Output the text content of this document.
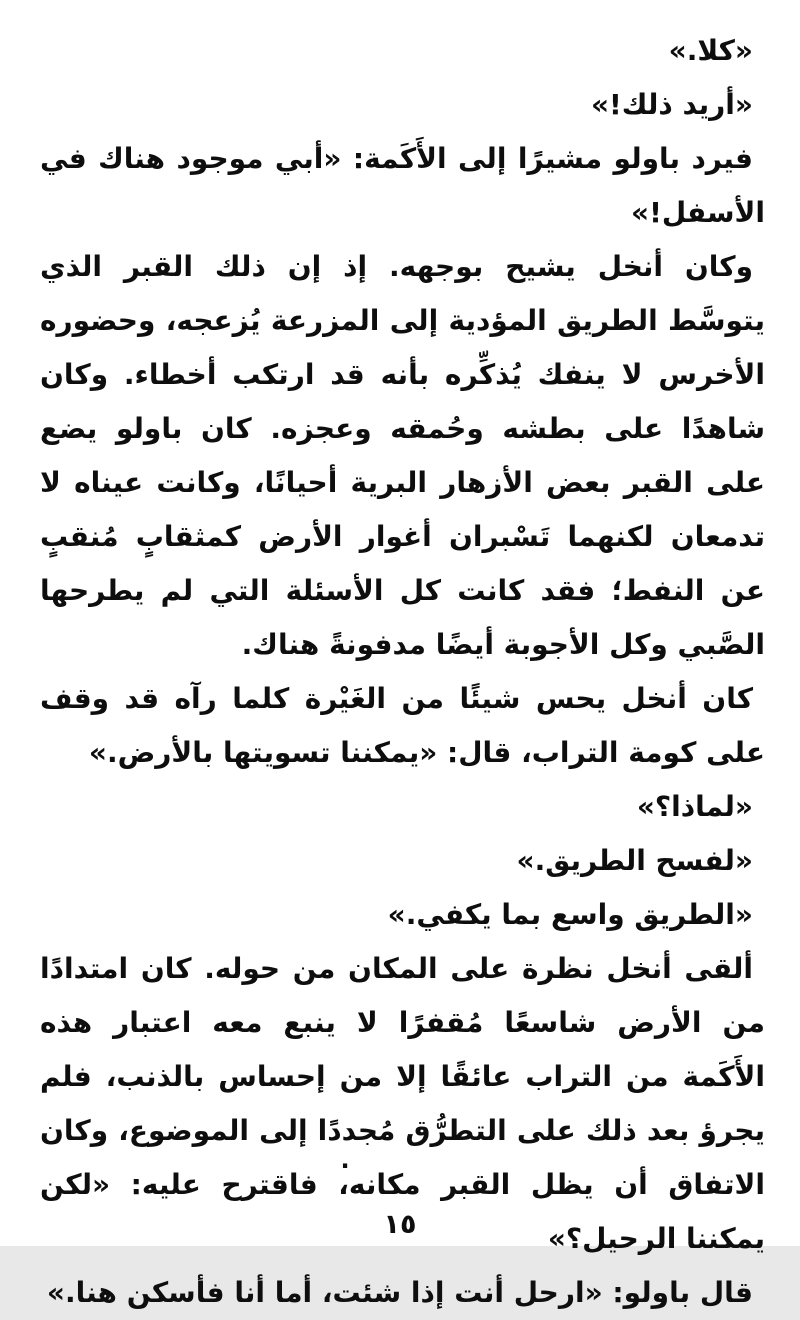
«كلا.»

«أريد ذلك!»

فيرد باولو مشيرًا إلى الأَكَمة: «أبي موجود هناك في الأسفل!»

وكان أنخل يشيح بوجهه. إذ إن ذلك القبر الذي يتوسَّط الطريق المؤدية إلى المزرعة يُزعجه، وحضوره الأخرس لا ينفك يُذكِّره بأنه قد ارتكب أخطاء. وكان شاهدًا على بطشه وحُمقه وعجزه. كان باولو يضع على القبر بعض الأزهار البرية أحيانًا، وكانت عيناه لا تدمعان لكنهما تَسْبران أغوار الأرض كمثقابٍ مُنقبٍ عن النفط؛ فقد كانت كل الأسئلة التي لم يطرحها الصَّبي وكل الأجوبة أيضًا مدفونةً هناك.

كان أنخل يحس شيئًا من الغَيْرة كلما رآه قد وقف على كومة التراب، قال: «يمكننا تسويتها بالأرض.»

«لماذا؟»

«لفسح الطريق.»

«الطريق واسع بما يكفي.»

ألقى أنخل نظرة على المكان من حوله. كان امتدادًا من الأرض شاسعًا مُقفرًا لا ينبع معه اعتبار هذه الأَكَمة من التراب عائقًا إلا من إحساس بالذنب، فلم يجرؤ بعد ذلك على التطرُّق مُجددًا إلى الموضوع، وكان الاتفاق أن يظل القبر مكانه، فاقترح عليه: «لكن يمكننا الرحيل؟»

قال باولو: «ارحل أنت إذا شئت، أما أنا فأسكن هنا.»

.
١٥
